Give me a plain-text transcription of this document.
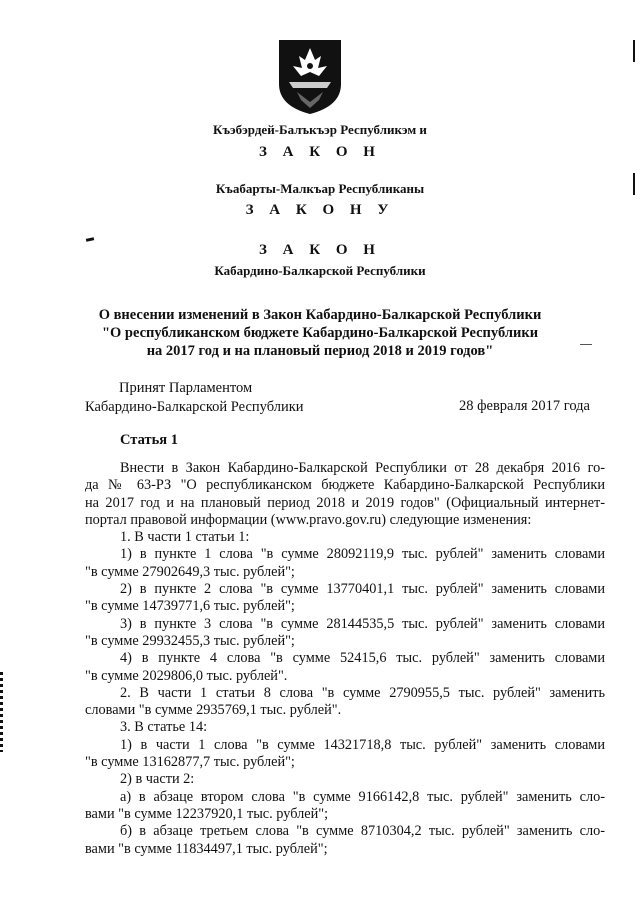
Къэбэрдей-Балъкъэр Республикэм и
З А К О Н
Къабарты-Малкъар Республиканы
З А К О Н У
З А К О Н
Кабардино-Балкарской Республики
О внесении изменений в Закон Кабардино-Балкарской Республики
"О республиканском бюджете Кабардино-Балкарской Республики
на 2017 год и на плановый период 2018 и 2019 годов"
Принят Парламентом
Кабардино-Балкарской Республики	28 февраля 2017 года
Статья 1

Внести в Закон Кабардино-Балкарской Республики от 28 декабря 2016 го-

да № 63-РЗ "О республиканском бюджете Кабардино-Балкарской Республики

на 2017 год и на плановый период 2018 и 2019 годов" (Официальный интернет-

портал правовой информации (www.pravo.gov.ru) следующие изменения:

1. В части 1 статьи 1:

1) в пункте 1 слова "в сумме 28092119,9 тыс. рублей" заменить словами

"в сумме 27902649,3 тыс. рублей";

2) в пункте 2 слова "в сумме 13770401,1 тыс. рублей" заменить словами

"в сумме 14739771,6 тыс. рублей";

3) в пункте 3 слова "в сумме 28144535,5 тыс. рублей" заменить словами

"в сумме 29932455,3 тыс. рублей";

4) в пункте 4 слова "в сумме 52415,6 тыс. рублей" заменить словами

"в сумме 2029806,0 тыс. рублей".

2. В части 1 статьи 8 слова "в сумме 2790955,5 тыс. рублей" заменить

словами "в сумме 2935769,1 тыс. рублей".

3. В статье 14:

1) в части 1 слова "в сумме 14321718,8 тыс. рублей" заменить словами

"в сумме 13162877,7 тыс. рублей";

2) в части 2:

а) в абзаце втором слова "в сумме 9166142,8 тыс. рублей" заменить сло-

вами "в сумме 12237920,1 тыс. рублей";

б) в абзаце третьем слова "в сумме 8710304,2 тыс. рублей" заменить сло-

вами "в сумме 11834497,1 тыс. рублей";
